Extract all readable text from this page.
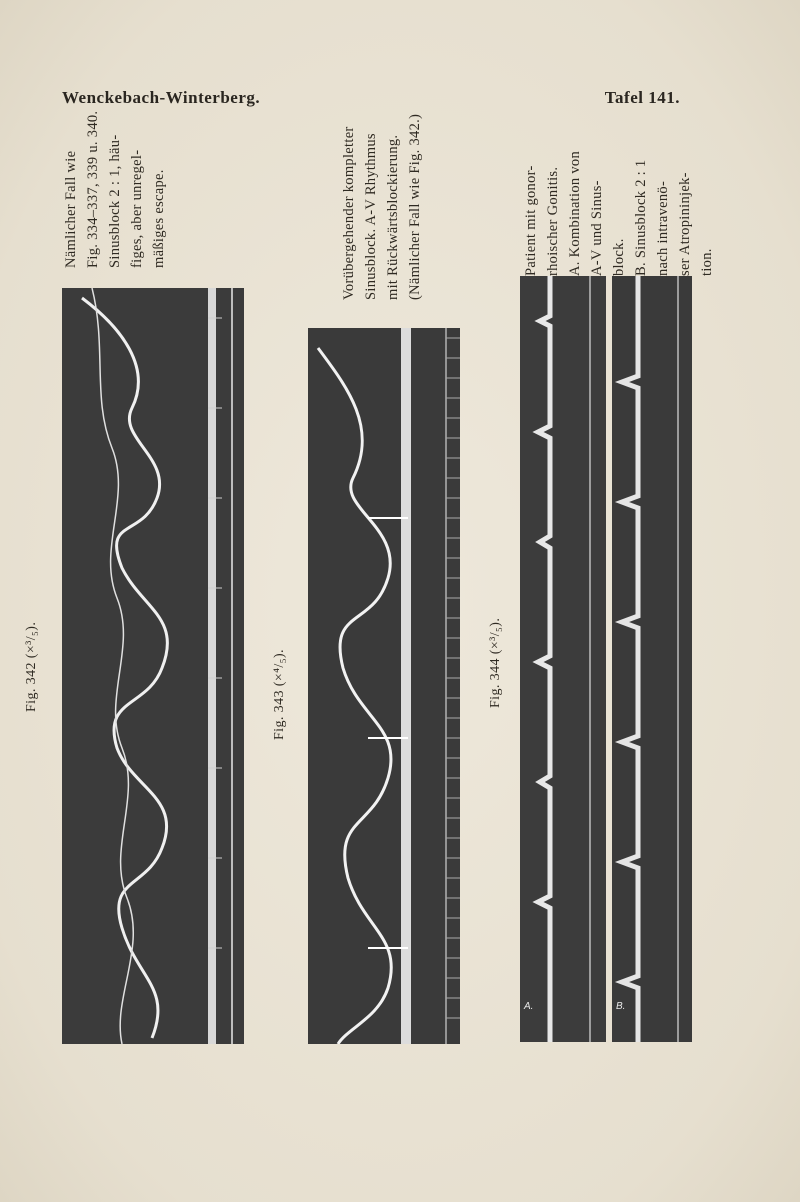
Wenckebach-Winterberg.	Tafel 141.
Nämlicher Fall wie Fig. 334–337, 339 u. 340. Sinusblock 2 : 1, häu- figes, aber unregel- mäßiges escape.
Fig. 342 (×³/₅).
Vorübergehender kompletter Sinusblock. A-V Rhythmus mit Rückwärtsblockierung. (Nämlicher Fall wie Fig. 342.)
Fig. 343 (×⁴/₅).
Patient mit gonor- rhoischer Gonitis. A. Kombination von A-V und Sinus- block. B. Sinusblock 2 : 1 nach intravenö- ser Atropininjek- tion.
Fig. 344 (×³/₅).
A.	B.
